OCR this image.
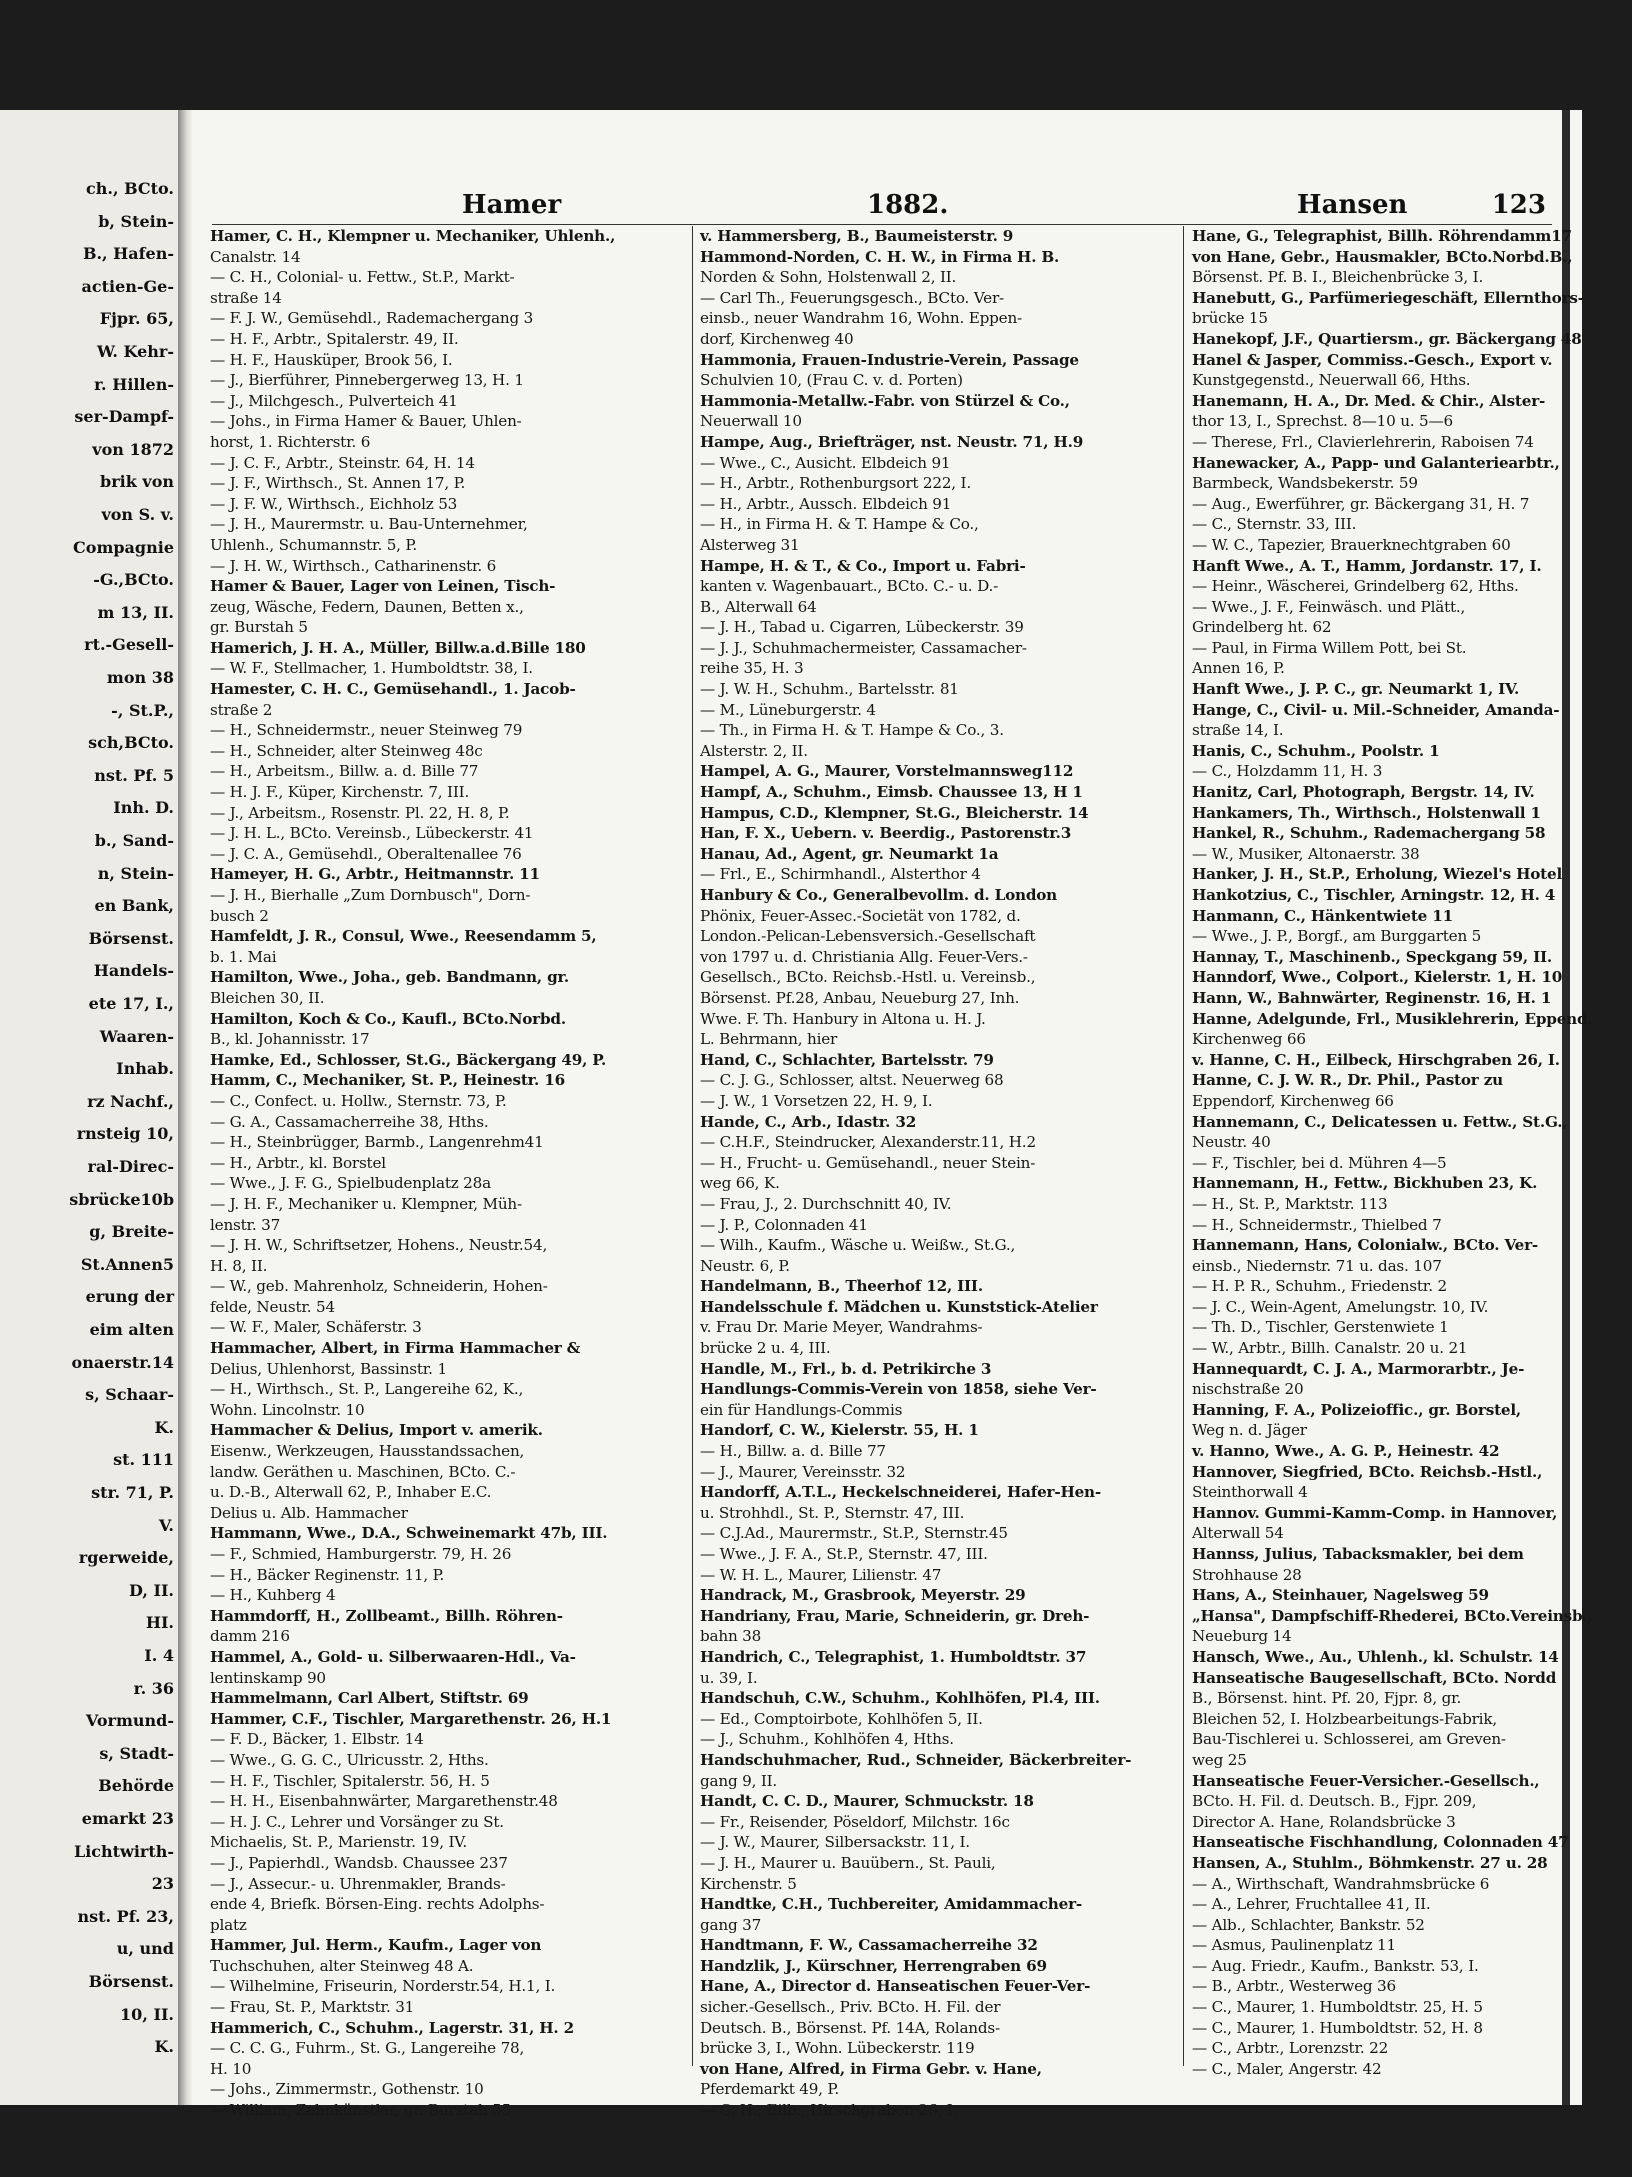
ch., BCto.
b, Stein-
B., Hafen-
actien-Ge-
Fjpr. 65,
W. Kehr-
r. Hillen-
ser-Dampf-
von 1872
brik von
von S. v.
Compagnie
-G.,BCto.
m 13, II.
rt.-Gesell-
mon 38
-, St.P.,
sch,BCto.
nst. Pf. 5
Inh. D.
b., Sand-
n, Stein-
en Bank,
Börsenst.
Handels-
ete 17, I.,
Waaren-
Inhab.
rz Nachf.,
rnsteig 10,
ral-Direc-
sbrücke10b
g, Breite-
St.Annen5
erung der
eim alten
onaerstr.14
s, Schaar-
K.
st. 111
str. 71, P.
V.
rgerweide,
D, II.
HI.
I. 4
r. 36
Vormund-
s, Stadt-
Behörde
emarkt 23
Lichtwirth-
23
nst. Pf. 23,
u, und
Börsenst.
10, II.
K.
Hamer	1882.	Hansen	123
Hamer, C. H., Klempner u. Mechaniker, Uhlenh.,
Canalstr. 14
— C. H., Colonial- u. Fettw., St.P., Markt-
straße 14
— F. J. W., Gemüsehdl., Rademachergang 3
— H. F., Arbtr., Spitalerstr. 49, II.
— H. F., Hausküper, Brook 56, I.
— J., Bierführer, Pinnebergerweg 13, H. 1
— J., Milchgesch., Pulverteich 41
— Johs., in Firma Hamer & Bauer, Uhlen-
horst, 1. Richterstr. 6
— J. C. F., Arbtr., Steinstr. 64, H. 14
— J. F., Wirthsch., St. Annen 17, P.
— J. F. W., Wirthsch., Eichholz 53
— J. H., Maurermstr. u. Bau-Unternehmer,
Uhlenh., Schumannstr. 5, P.
— J. H. W., Wirthsch., Catharinenstr. 6
Hamer & Bauer, Lager von Leinen, Tisch-
zeug, Wäsche, Federn, Daunen, Betten x.,
gr. Burstah 5
Hamerich, J. H. A., Müller, Billw.a.d.Bille 180
— W. F., Stellmacher, 1. Humboldtstr. 38, I.
Hamester, C. H. C., Gemüsehandl., 1. Jacob-
straße 2
— H., Schneidermstr., neuer Steinweg 79
— H., Schneider, alter Steinweg 48c
— H., Arbeitsm., Billw. a. d. Bille 77
— H. J. F., Küper, Kirchenstr. 7, III.
— J., Arbeitsm., Rosenstr. Pl. 22, H. 8, P.
— J. H. L., BCto. Vereinsb., Lübeckerstr. 41
— J. C. A., Gemüsehdl., Oberaltenallee 76
Hameyer, H. G., Arbtr., Heitmannstr. 11
— J. H., Bierhalle „Zum Dornbusch", Dorn-
busch 2
Hamfeldt, J. R., Consul, Wwe., Reesendamm 5,
b. 1. Mai
Hamilton, Wwe., Joha., geb. Bandmann, gr.
Bleichen 30, II.
Hamilton, Koch & Co., Kaufl., BCto.Norbd.
B., kl. Johannisstr. 17
Hamke, Ed., Schlosser, St.G., Bäckergang 49, P.
Hamm, C., Mechaniker, St. P., Heinestr. 16
— C., Confect. u. Hollw., Sternstr. 73, P.
— G. A., Cassamacherreihe 38, Hths.
— H., Steinbrügger, Barmb., Langenrehm41
— H., Arbtr., kl. Borstel
— Wwe., J. F. G., Spielbudenplatz 28a
— J. H. F., Mechaniker u. Klempner, Müh-
lenstr. 37
— J. H. W., Schriftsetzer, Hohens., Neustr.54,
H. 8, II.
— W., geb. Mahrenholz, Schneiderin, Hohen-
felde, Neustr. 54
— W. F., Maler, Schäferstr. 3
Hammacher, Albert, in Firma Hammacher &
Delius, Uhlenhorst, Bassinstr. 1
— H., Wirthsch., St. P., Langereihe 62, K.,
Wohn. Lincolnstr. 10
Hammacher & Delius, Import v. amerik.
Eisenw., Werkzeugen, Hausstandssachen,
landw. Geräthen u. Maschinen, BCto. C.-
u. D.-B., Alterwall 62, P., Inhaber E.C.
Delius u. Alb. Hammacher
Hammann, Wwe., D.A., Schweinemarkt 47b, III.
— F., Schmied, Hamburgerstr. 79, H. 26
— H., Bäcker Reginenstr. 11, P.
— H., Kuhberg 4
Hammdorff, H., Zollbeamt., Billh. Röhren-
damm 216
Hammel, A., Gold- u. Silberwaaren-Hdl., Va-
lentinskamp 90
Hammelmann, Carl Albert, Stiftstr. 69
Hammer, C.F., Tischler, Margarethenstr. 26, H.1
— F. D., Bäcker, 1. Elbstr. 14
— Wwe., G. G. C., Ulricusstr. 2, Hths.
— H. F., Tischler, Spitalerstr. 56, H. 5
— H. H., Eisenbahnwärter, Margarethenstr.48
— H. J. C., Lehrer und Vorsänger zu St.
Michaelis, St. P., Marienstr. 19, IV.
— J., Papierhdl., Wandsb. Chaussee 237
— J., Assecur.- u. Uhrenmakler, Brands-
ende 4, Briefk. Börsen-Eing. rechts Adolphs-
platz
Hammer, Jul. Herm., Kaufm., Lager von
Tuchschuhen, alter Steinweg 48 A.
— Wilhelmine, Friseurin, Norderstr.54, H.1, I.
— Frau, St. P., Marktstr. 31
Hammerich, C., Schuhm., Lagerstr. 31, H. 2
— C. C. G., Fuhrm., St. G., Langereihe 78,
H. 10
— Johs., Zimmermstr., Gothenstr. 10
— William, Zahnkünstler, gr. Burstah 55
v. Hammersberg, B., Baumeisterstr. 9
Hammond-Norden, C. H. W., in Firma H. B.
Norden & Sohn, Holstenwall 2, II.
— Carl Th., Feuerungsgesch., BCto. Ver-
einsb., neuer Wandrahm 16, Wohn. Eppen-
dorf, Kirchenweg 40
Hammonia, Frauen-Industrie-Verein, Passage
Schulvien 10, (Frau C. v. d. Porten)
Hammonia-Metallw.-Fabr. von Stürzel & Co.,
Neuerwall 10
Hampe, Aug., Briefträger, nst. Neustr. 71, H.9
— Wwe., C., Ausicht. Elbdeich 91
— H., Arbtr., Rothenburgsort 222, I.
— H., Arbtr., Aussch. Elbdeich 91
— H., in Firma H. & T. Hampe & Co.,
Alsterweg 31
Hampe, H. & T., & Co., Import u. Fabri-
kanten v. Wagenbauart., BCto. C.- u. D.-
B., Alterwall 64
— J. H., Tabad u. Cigarren, Lübeckerstr. 39
— J. J., Schuhmachermeister, Cassamacher-
reihe 35, H. 3
— J. W. H., Schuhm., Bartelsstr. 81
— M., Lüneburgerstr. 4
— Th., in Firma H. & T. Hampe & Co., 3.
Alsterstr. 2, II.
Hampel, A. G., Maurer, Vorstelmannsweg112
Hampf, A., Schuhm., Eimsb. Chaussee 13, H 1
Hampus, C.D., Klempner, St.G., Bleicherstr. 14
Han, F. X., Uebern. v. Beerdig., Pastorenstr.3
Hanau, Ad., Agent, gr. Neumarkt 1a
— Frl., E., Schirmhandl., Alsterthor 4
Hanbury & Co., Generalbevollm. d. London
Phönix, Feuer-Assec.-Societät von 1782, d.
London.-Pelican-Lebensversich.-Gesellschaft
von 1797 u. d. Christiania Allg. Feuer-Vers.-
Gesellsch., BCto. Reichsb.-Hstl. u. Vereinsb.,
Börsenst. Pf.28, Anbau, Neueburg 27, Inh.
Wwe. F. Th. Hanbury in Altona u. H. J.
L. Behrmann, hier
Hand, C., Schlachter, Bartelsstr. 79
— C. J. G., Schlosser, altst. Neuerweg 68
— J. W., 1 Vorsetzen 22, H. 9, I.
Hande, C., Arb., Idastr. 32
— C.H.F., Steindrucker, Alexanderstr.11, H.2
— H., Frucht- u. Gemüsehandl., neuer Stein-
weg 66, K.
— Frau, J., 2. Durchschnitt 40, IV.
— J. P., Colonnaden 41
— Wilh., Kaufm., Wäsche u. Weißw., St.G.,
Neustr. 6, P.
Handelmann, B., Theerhof 12, III.
Handelsschule f. Mädchen u. Kunststick-Atelier
v. Frau Dr. Marie Meyer, Wandrahms-
brücke 2 u. 4, III.
Handle, M., Frl., b. d. Petrikirche 3
Handlungs-Commis-Verein von 1858, siehe Ver-
ein für Handlungs-Commis
Handorf, C. W., Kielerstr. 55, H. 1
— H., Billw. a. d. Bille 77
— J., Maurer, Vereinsstr. 32
Handorff, A.T.L., Heckelschneiderei, Hafer-Hen-
u. Strohhdl., St. P., Sternstr. 47, III.
— C.J.Ad., Maurermstr., St.P., Sternstr.45
— Wwe., J. F. A., St.P., Sternstr. 47, III.
— W. H. L., Maurer, Lilienstr. 47
Handrack, M., Grasbrook, Meyerstr. 29
Handriany, Frau, Marie, Schneiderin, gr. Dreh-
bahn 38
Handrich, C., Telegraphist, 1. Humboldtstr. 37
u. 39, I.
Handschuh, C.W., Schuhm., Kohlhöfen, Pl.4, III.
— Ed., Comptoirbote, Kohlhöfen 5, II.
— J., Schuhm., Kohlhöfen 4, Hths.
Handschuhmacher, Rud., Schneider, Bäckerbreiter-
gang 9, II.
Handt, C. C. D., Maurer, Schmuckstr. 18
— Fr., Reisender, Pöseldorf, Milchstr. 16c
— J. W., Maurer, Silbersackstr. 11, I.
— J. H., Maurer u. Bauübern., St. Pauli,
Kirchenstr. 5
Handtke, C.H., Tuchbereiter, Amidammacher-
gang 37
Handtmann, F. W., Cassamacherreihe 32
Handzlik, J., Kürschner, Herrengraben 69
Hane, A., Director d. Hanseatischen Feuer-Ver-
sicher.-Gesellsch., Priv. BCto. H. Fil. der
Deutsch. B., Börsenst. Pf. 14A, Rolands-
brücke 3, I., Wohn. Lübeckerstr. 119
von Hane, Alfred, in Firma Gebr. v. Hane,
Pferdemarkt 49, P.
— C. H., Eilb., Hirschgraben 26, I.
Hane, G., Telegraphist, Billh. Röhrendamm17
von Hane, Gebr., Hausmakler, BCto.Norbd.B.,
Börsenst. Pf. B. I., Bleichenbrücke 3, I.
Hanebutt, G., Parfümeriegeschäft, Ellernthors-
brücke 15
Hanekopf, J.F., Quartiersm., gr. Bäckergang 48
Hanel & Jasper, Commiss.-Gesch., Export v.
Kunstgegenstd., Neuerwall 66, Hths.
Hanemann, H. A., Dr. Med. & Chir., Alster-
thor 13, I., Sprechst. 8—10 u. 5—6
— Therese, Frl., Clavierlehrerin, Raboisen 74
Hanewacker, A., Papp- und Galanteriearbtr.,
Barmbeck, Wandsbekerstr. 59
— Aug., Ewerführer, gr. Bäckergang 31, H. 7
— C., Sternstr. 33, III.
— W. C., Tapezier, Brauerknechtgraben 60
Hanft Wwe., A. T., Hamm, Jordanstr. 17, I.
— Heinr., Wäscherei, Grindelberg 62, Hths.
— Wwe., J. F., Feinwäsch. und Plätt.,
Grindelberg ht. 62
— Paul, in Firma Willem Pott, bei St.
Annen 16, P.
Hanft Wwe., J. P. C., gr. Neumarkt 1, IV.
Hange, C., Civil- u. Mil.-Schneider, Amanda-
straße 14, I.
Hanis, C., Schuhm., Poolstr. 1
— C., Holzdamm 11, H. 3
Hanitz, Carl, Photograph, Bergstr. 14, IV.
Hankamers, Th., Wirthsch., Holstenwall 1
Hankel, R., Schuhm., Rademachergang 58
— W., Musiker, Altonaerstr. 38
Hanker, J. H., St.P., Erholung, Wiezel's Hotel
Hankotzius, C., Tischler, Arningstr. 12, H. 4
Hanmann, C., Hänkentwiete 11
— Wwe., J. P., Borgf., am Burggarten 5
Hannay, T., Maschinenb., Speckgang 59, II.
Hanndorf, Wwe., Colport., Kielerstr. 1, H. 10
Hann, W., Bahnwärter, Reginenstr. 16, H. 1
Hanne, Adelgunde, Frl., Musiklehrerin, Eppend.
Kirchenweg 66
v. Hanne, C. H., Eilbeck, Hirschgraben 26, I.
Hanne, C. J. W. R., Dr. Phil., Pastor zu
Eppendorf, Kirchenweg 66
Hannemann, C., Delicatessen u. Fettw., St.G.,
Neustr. 40
— F., Tischler, bei d. Mühren 4—5
Hannemann, H., Fettw., Bickhuben 23, K.
— H., St. P., Marktstr. 113
— H., Schneidermstr., Thielbed 7
Hannemann, Hans, Colonialw., BCto. Ver-
einsb., Niedernstr. 71 u. das. 107
— H. P. R., Schuhm., Friedenstr. 2
— J. C., Wein-Agent, Amelungstr. 10, IV.
— Th. D., Tischler, Gerstenwiete 1
— W., Arbtr., Billh. Canalstr. 20 u. 21
Hannequardt, C. J. A., Marmorarbtr., Je-
nischstraße 20
Hanning, F. A., Polizeioffic., gr. Borstel,
Weg n. d. Jäger
v. Hanno, Wwe., A. G. P., Heinestr. 42
Hannover, Siegfried, BCto. Reichsb.-Hstl.,
Steinthorwall 4
Hannov. Gummi-Kamm-Comp. in Hannover,
Alterwall 54
Hannss, Julius, Tabacksmakler, bei dem
Strohhause 28
Hans, A., Steinhauer, Nagelsweg 59
„Hansa", Dampfschiff-Rhederei, BCto.Vereinsb.,
Neueburg 14
Hansch, Wwe., Au., Uhlenh., kl. Schulstr. 14
Hanseatische Baugesellschaft, BCto. Nordd
B., Börsenst. hint. Pf. 20, Fjpr. 8, gr.
Bleichen 52, I. Holzbearbeitungs-Fabrik,
Bau-Tischlerei u. Schlosserei, am Greven-
weg 25
Hanseatische Feuer-Versicher.-Gesellsch.,
BCto. H. Fil. d. Deutsch. B., Fjpr. 209,
Director A. Hane, Rolandsbrücke 3
Hanseatische Fischhandlung, Colonnaden 47
Hansen, A., Stuhlm., Böhmkenstr. 27 u. 28
— A., Wirthschaft, Wandrahmsbrücke 6
— A., Lehrer, Fruchtallee 41, II.
— Alb., Schlachter, Bankstr. 52
— Asmus, Paulinenplatz 11
— Aug. Friedr., Kaufm., Bankstr. 53, I.
— B., Arbtr., Westerweg 36
— C., Maurer, 1. Humboldtstr. 25, H. 5
— C., Maurer, 1. Humboldtstr. 52, H. 8
— C., Arbtr., Lorenzstr. 22
— C., Maler, Angerstr. 42
